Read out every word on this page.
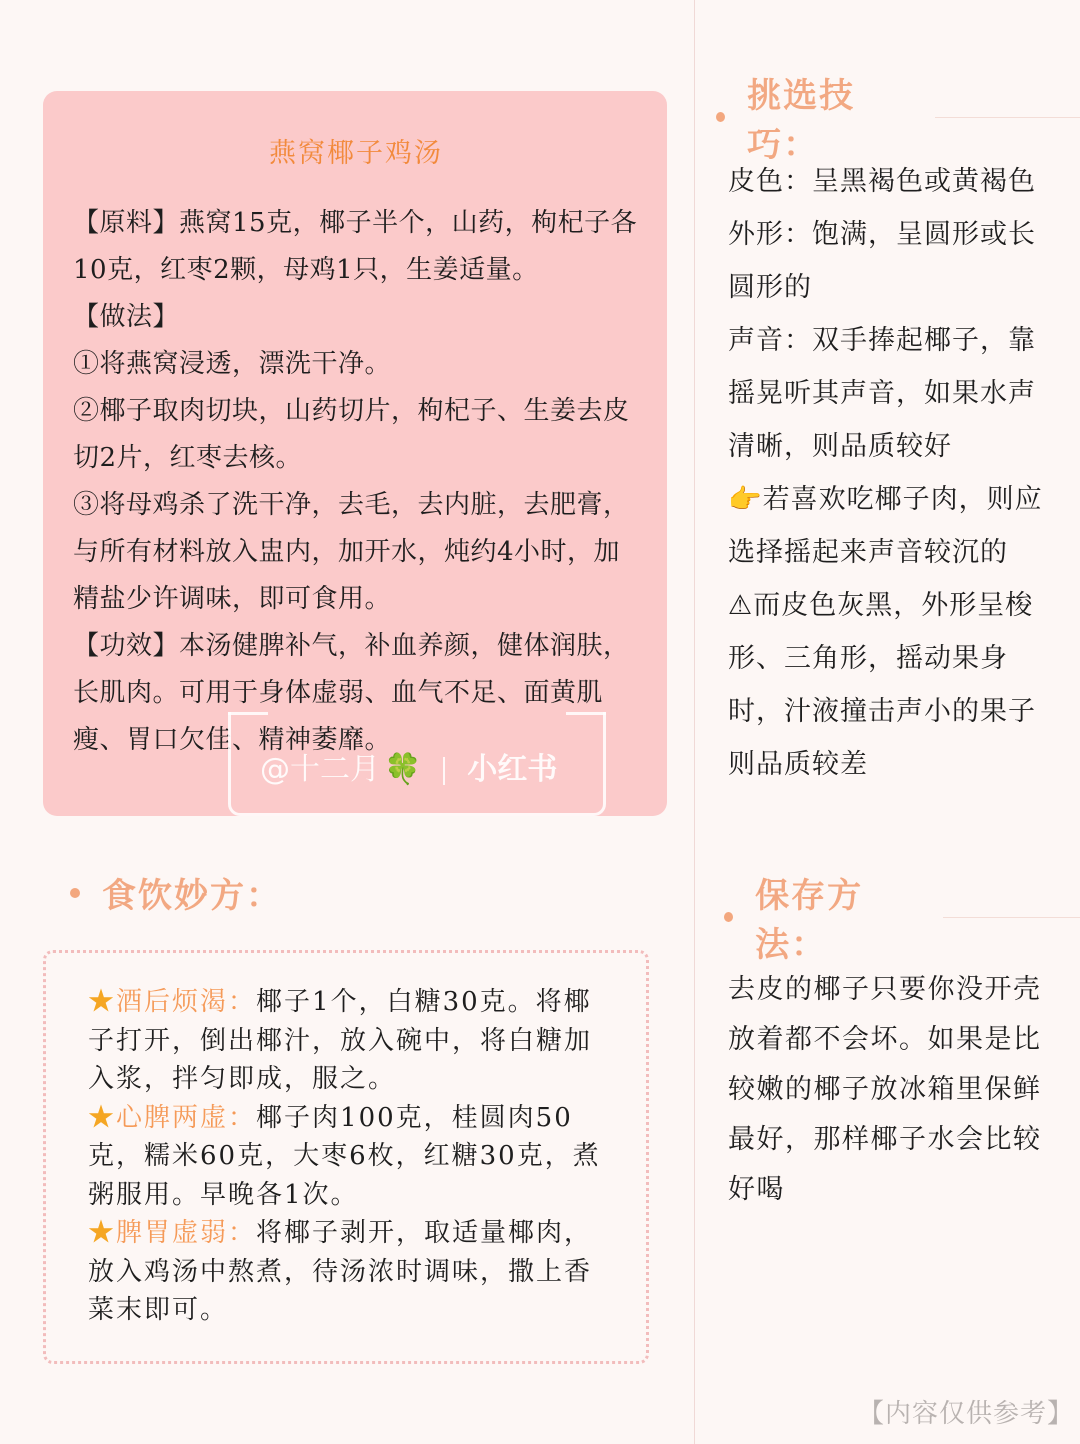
燕窝椰子鸡汤

【原料】燕窝15克，椰子半个，山药，枸杞子各10克，红枣2颗，母鸡1只，生姜适量。

【做法】

①将燕窝浸透，漂洗干净。

②椰子取肉切块，山药切片，枸杞子、生姜去皮切2片，红枣去核。

③将母鸡杀了洗干净，去毛，去内脏，去肥膏，与所有材料放入盅内，加开水，炖约4小时，加精盐少许调味，即可食用。

【功效】本汤健脾补气，补血养颜，健体润肤，长肌肉。可用于身体虚弱、血气不足、面黄肌瘦、胃口欠佳、精神萎靡。

@十二月 🍀 小红书
挑选技巧：

皮色：呈黑褐色或黄褐色

外形：饱满，呈圆形或长圆形的

声音：双手捧起椰子，靠摇晃听其声音，如果水声清晰，则品质较好

👉若喜欢吃椰子肉，则应选择摇起来声音较沉的

⚠而皮色灰黑，外形呈梭形、三角形，摇动果身时，汁液撞击声小的果子则品质较差

食饮妙方：

★酒后烦渴：椰子1个，白糖30克。将椰子打开，倒出椰汁，放入碗中，将白糖加入浆，拌匀即成，服之。

★心脾两虚：椰子肉100克，桂圆肉50克，糯米60克，大枣6枚，红糖30克，煮粥服用。早晚各1次。

★脾胃虚弱：将椰子剥开，取适量椰肉，放入鸡汤中熬煮，待汤浓时调味，撒上香菜末即可。

保存方法：

去皮的椰子只要你没开壳放着都不会坏。如果是比较嫩的椰子放冰箱里保鲜最好，那样椰子水会比较好喝

【内容仅供参考】
